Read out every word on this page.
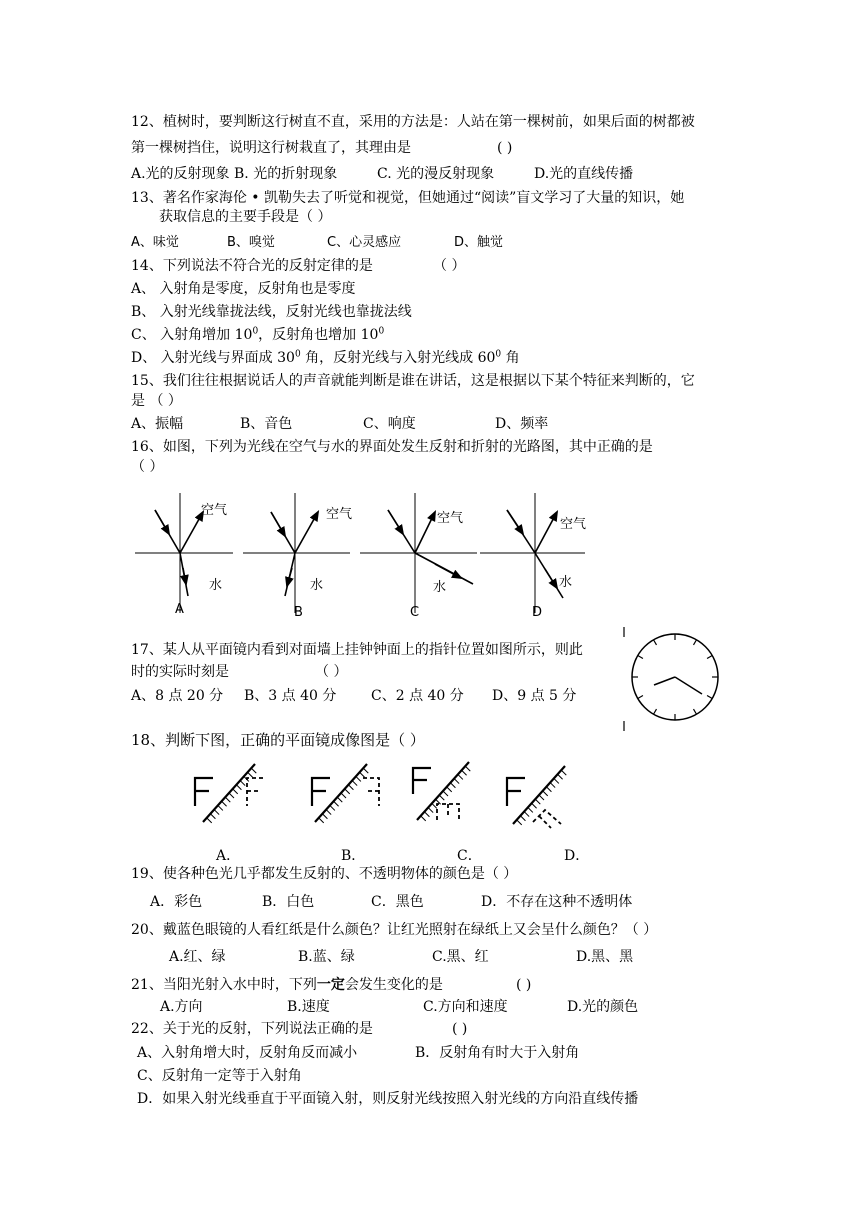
12、植树时，要判断这行树直不直，采用的方法是：人站在第一棵树前，如果后面的树都被
第一棵树挡住，说明这行树栽直了，其理由是	( )
A.光的反射现象 B. 光的折射现象	C. 光的漫反射现象	D.光的直线传播
13、著名作家海伦 • 凯勒失去了听觉和视觉，但她通过“阅读”盲文学习了大量的知识，她
获取信息的主要手段是（ ）
A、味觉	B、嗅觉	C、心灵感应	D、触觉
14、下列说法不符合光的反射定律的是	（ ）
A、 入射角是零度，反射角也是零度
B、 入射光线靠拢法线，反射光线也靠拢法线
C、 入射角增加 $10^0$，反射角也增加 $10^0$
D、 入射光线与界面成 $30^0$ 角，反射光线与入射光线成 $60^0$ 角
15、我们往往根据说话人的声音就能判断是谁在讲话，这是根据以下某个特征来判断的，它
是 （ ）
A、振幅	B、音色	C、响度	D、频率
16、如图，下列为光线在空气与水的界面处发生反射和折射的光路图，其中正确的是
（ ）
空气
水
空气
水
空气
水
空气
水
A	B	C	D
17、某人从平面镜内看到对面墙上挂钟钟面上的指针位置如图所示，则此
时的实际时刻是	（ ）
A、8 点 20 分 B、3 点 40 分 C、2 点 40 分 D、9 点 5 分
18、判断下图，正确的平面镜成像图是（ ）
A．	B．	C．	D．
19、使各种色光几乎都发生反射的、不透明物体的颜色是（ ）
A．彩色	B．白色	C．黑色	D．不存在这种不透明体
20、戴蓝色眼镜的人看红纸是什么颜色？让红光照射在绿纸上又会呈什么颜色？（ ）
A.红、绿	B.蓝、绿	C.黑、红	D.黑、黑
21、当阳光射入水中时，下列一定会发生变化的是	( )
A.方向	B.速度	C.方向和速度	D.光的颜色
22、关于光的反射，下列说法正确的是	( )
A、入射角增大时，反射角反而减小	B．反射角有时大于入射角
C、反射角一定等于入射角
D．如果入射光线垂直于平面镜入射，则反射光线按照入射光线的方向沿直线传播
